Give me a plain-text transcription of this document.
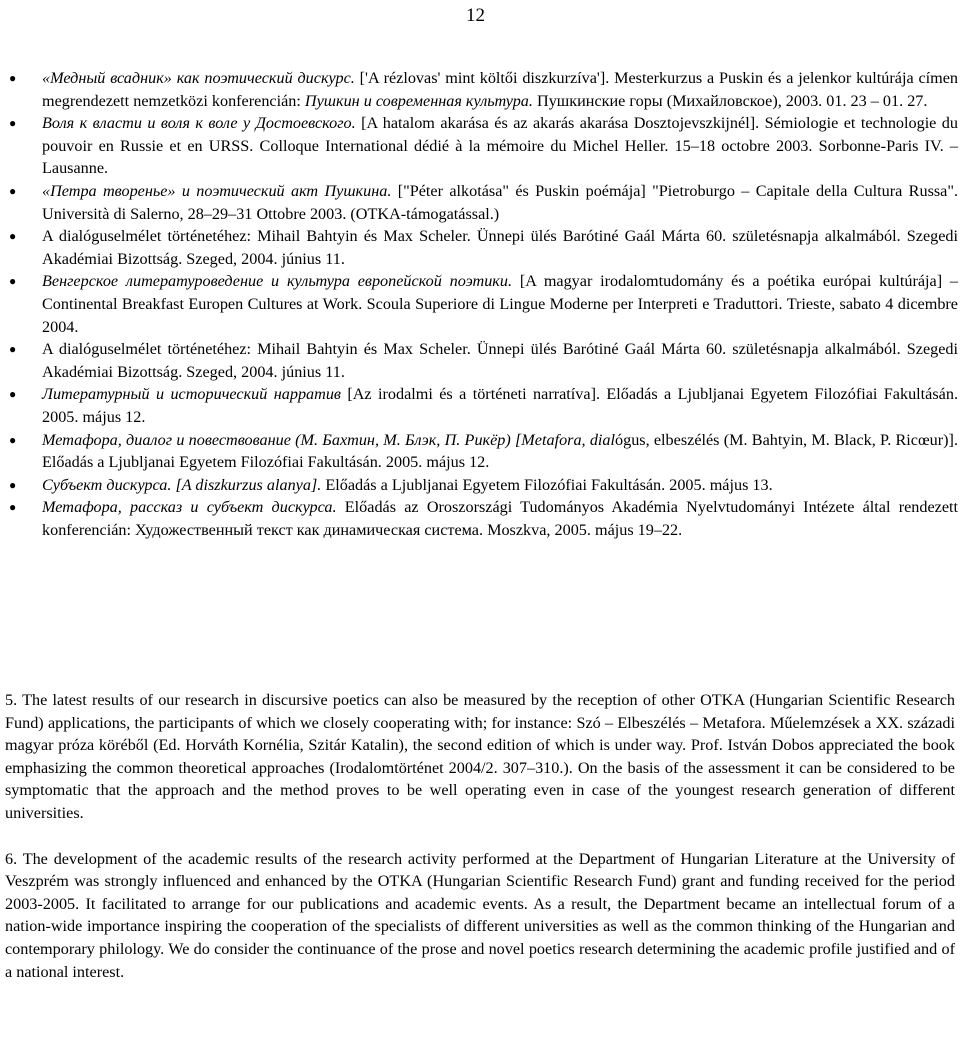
12
● «Медный всадник» как поэтический дискурс. ['A rézlovas' mint költői diszkurzíva']. Mesterkurzus a Puskin és a jelenkor kultúrája címen megrendezett nemzetközi konferencián: Пушкин и современная культура. Пушкинские горы (Михайловское), 2003. 01. 23 – 01. 27.
● Воля к власти и воля к воле у Достоевского. [A hatalom akarása és az akarás akarása Dosztojevszkijnél]. Sémiologie et technologie du pouvoir en Russie et en URSS. Colloque International dédié à la mémoire du Michel Heller. 15–18 octobre 2003. Sorbonne-Paris IV. – Lausanne.
● «Петра творенье» и поэтический акт Пушкина. ["Péter alkotása" és Puskin poémája] "Pietroburgo – Capitale della Cultura Russa". Università di Salerno, 28–29–31 Ottobre 2003. (OTKA-támogatással.)
● A dialóguselmélet történetéhez: Mihail Bahtyin és Max Scheler. Ünnepi ülés Barótiné Gaál Márta 60. születésnapja alkalmából. Szegedi Akadémiai Bizottság. Szeged, 2004. június 11.
● Венгерское литературоведение и культура европейской поэтики. [A magyar irodalomtudomány és a poétika európai kultúrája] – Continental Breakfast Europen Cultures at Work. Scoula Superiore di Lingue Moderne per Interpreti e Traduttori. Trieste, sabato 4 dicembre 2004.
● A dialóguselmélet történetéhez: Mihail Bahtyin és Max Scheler. Ünnepi ülés Barótiné Gaál Márta 60. születésnapja alkalmából. Szegedi Akadémiai Bizottság. Szeged, 2004. június 11.
● Литературный и исторический нарратив [Az irodalmi és a történeti narratíva]. Előadás a Ljubljanai Egyetem Filozófiai Fakultásán. 2005. május 12.
● Метафора, диалог и повествование (М. Бахтин, М. Блэк, П. Рикёр) [Metafora, dialógus, elbeszélés (M. Bahtyin, M. Black, P. Ricœur)]. Előadás a Ljubljanai Egyetem Filozófiai Fakultásán. 2005. május 12.
● Субъект дискурса. [A diszkurzus alanya]. Előadás a Ljubljanai Egyetem Filozófiai Fakultásán. 2005. május 13.
● Метафора, рассказ и субъект дискурса. Előadás az Oroszországi Tudományos Akadémia Nyelvtudományi Intézete által rendezett konferencián: Художественный текст как динамическая система. Moszkva, 2005. május 19–22.

5. The latest results of our research in discursive poetics can also be measured by the reception of other OTKA (Hungarian Scientific Research Fund) applications, the participants of which we closely cooperating with; for instance: Szó – Elbeszélés – Metafora. Műelemzések a XX. századi magyar próza köréből (Ed. Horváth Kornélia, Szitár Katalin), the second edition of which is under way. Prof. István Dobos appreciated the book emphasizing the common theoretical approaches (Irodalomtörténet 2004/2. 307–310.). On the basis of the assessment it can be considered to be symptomatic that the approach and the method proves to be well operating even in case of the youngest research generation of different universities.

6. The development of the academic results of the research activity performed at the Department of Hungarian Literature at the University of Veszprém was strongly influenced and enhanced by the OTKA (Hungarian Scientific Research Fund) grant and funding received for the period 2003-2005. It facilitated to arrange for our publications and academic events. As a result, the Department became an intellectual forum of a nation-wide importance inspiring the cooperation of the specialists of different universities as well as the common thinking of the Hungarian and contemporary philology. We do consider the continuance of the prose and novel poetics research determining the academic profile justified and of a national interest.
